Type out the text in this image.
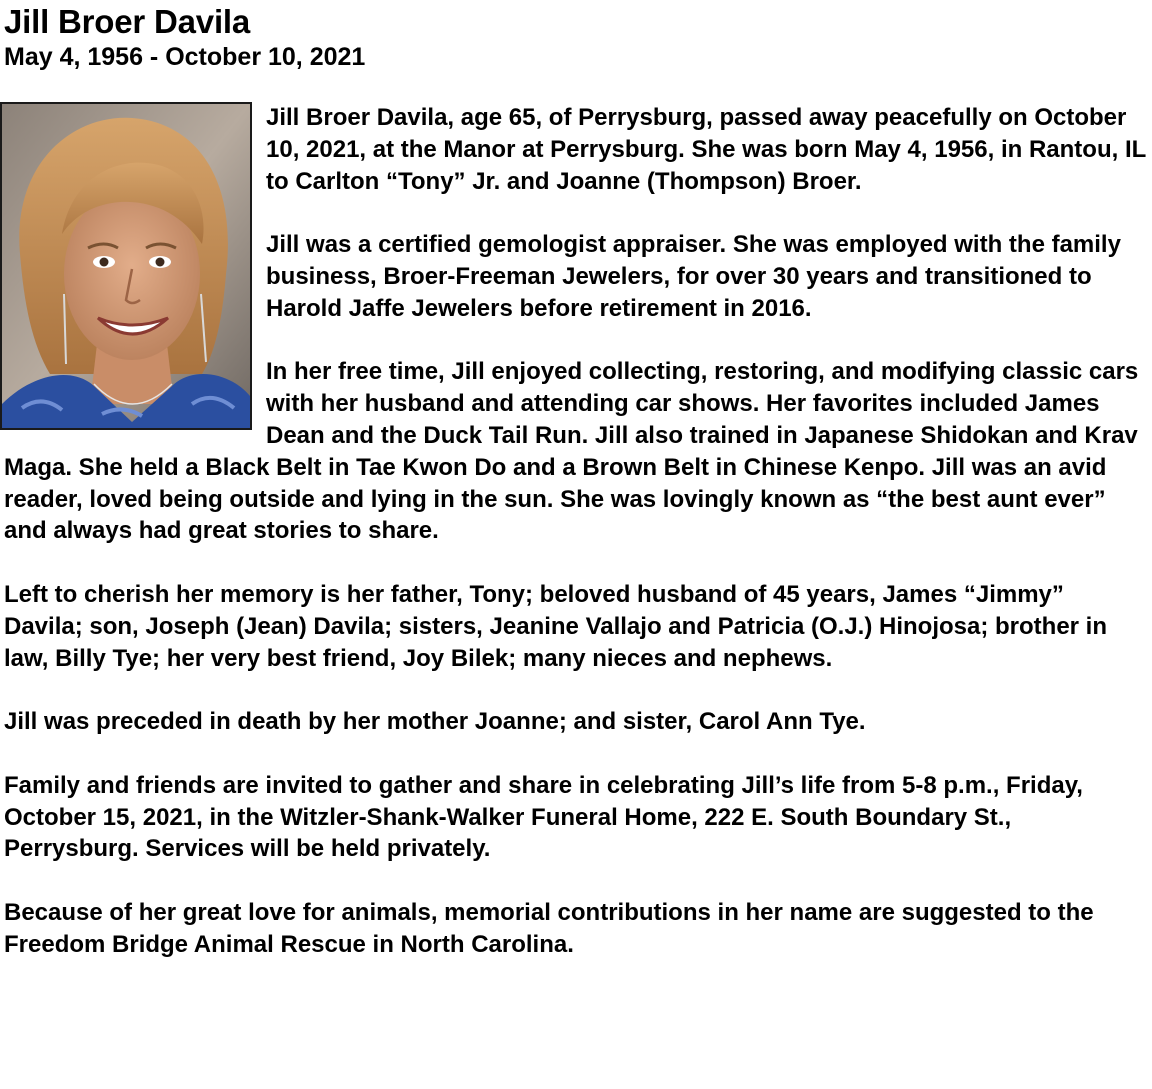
Jill Broer Davila
May 4, 1956 - October 10, 2021

Jill Broer Davila, age 65, of Perrysburg, passed away peacefully on October 10, 2021, at the Manor at Perrysburg. She was born May 4, 1956, in Rantou, IL to Carlton “Tony” Jr. and Joanne (Thompson) Broer.

Jill was a certified gemologist appraiser. She was employed with the family business, Broer-Freeman Jewelers, for over 30 years and transitioned to Harold Jaffe Jewelers before retirement in 2016.

In her free time, Jill enjoyed collecting, restoring, and modifying classic cars with her husband and attending car shows. Her favorites included James Dean and the Duck Tail Run. Jill also trained in Japanese Shidokan and Krav Maga. She held a Black Belt in Tae Kwon Do and a Brown Belt in Chinese Kenpo. Jill was an avid reader, loved being outside and lying in the sun. She was lovingly known as “the best aunt ever” and always had great stories to share.

Left to cherish her memory is her father, Tony; beloved husband of 45 years, James “Jimmy” Davila; son, Joseph (Jean) Davila; sisters, Jeanine Vallajo and Patricia (O.J.) Hinojosa; brother in law, Billy Tye; her very best friend, Joy Bilek; many nieces and nephews.

Jill was preceded in death by her mother Joanne; and sister, Carol Ann Tye.

Family and friends are invited to gather and share in celebrating Jill’s life from 5-8 p.m., Friday, October 15, 2021, in the Witzler-Shank-Walker Funeral Home, 222 E. South Boundary St., Perrysburg. Services will be held privately.

Because of her great love for animals, memorial contributions in her name are suggested to the Freedom Bridge Animal Rescue in North Carolina.
